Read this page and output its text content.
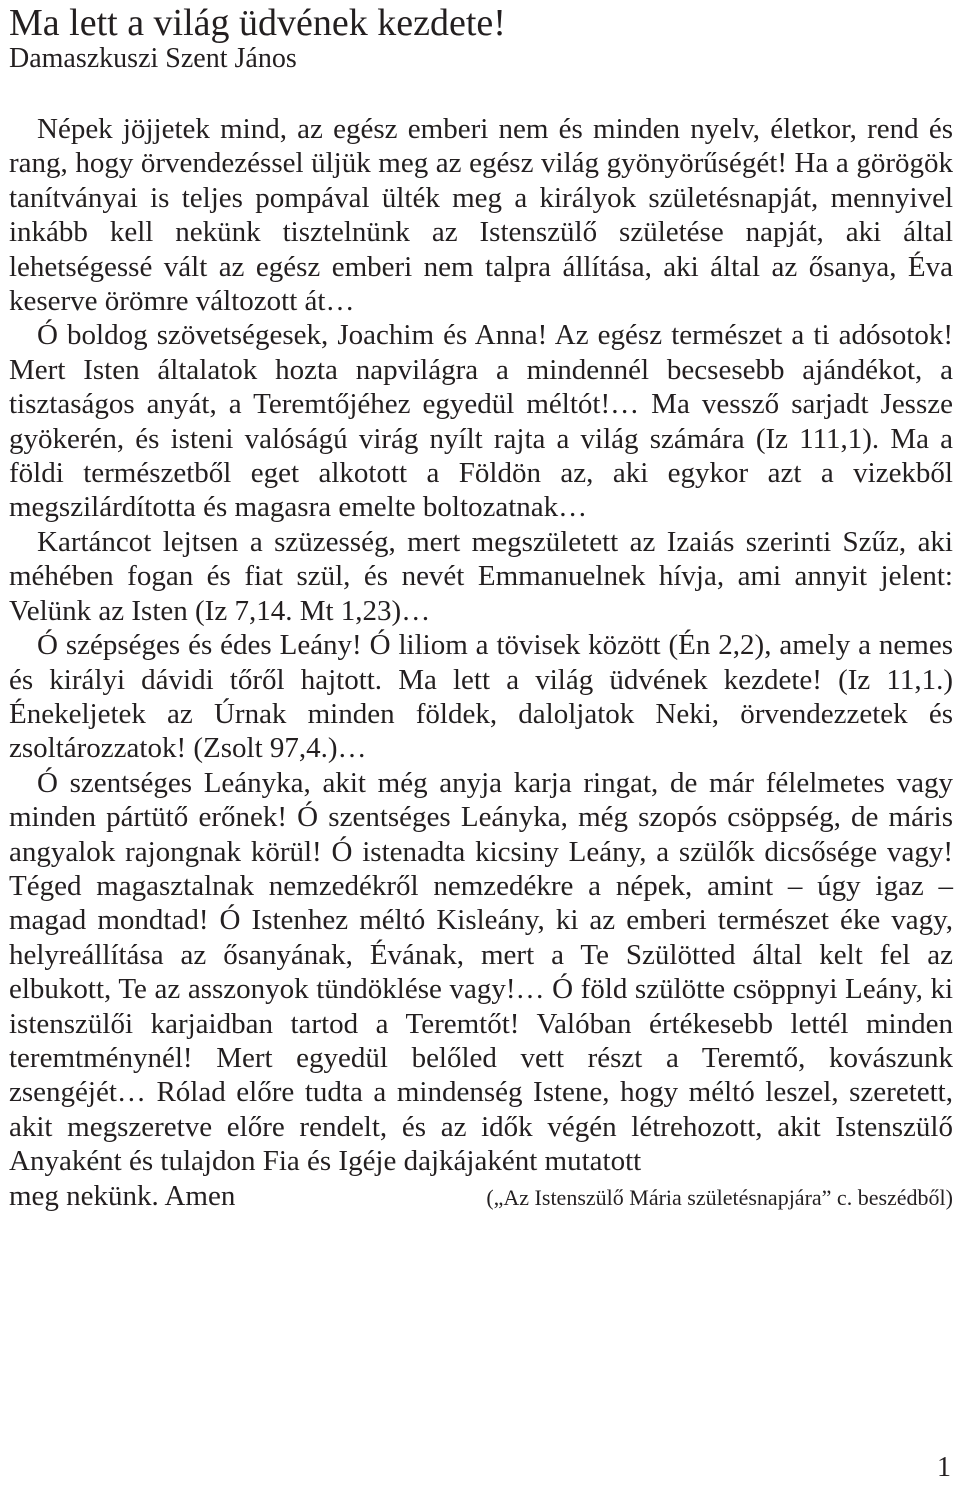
Ma lett a világ üdvének kezdete!
Damaszkuszi Szent János

Népek jöjjetek mind, az egész emberi nem és minden nyelv, életkor, rend és rang, hogy örvendezéssel üljük meg az egész világ gyönyörűségét! Ha a görögök tanítványai is teljes pompával ülték meg a királyok születésnapját, mennyivel inkább kell nekünk tisztelnünk az Istenszülő születése napját, aki által lehetségessé vált az egész emberi nem talpra állítása, aki által az ősanya, Éva keserve örömre változott át…

Ó boldog szövetségesek, Joachim és Anna! Az egész természet a ti adósotok! Mert Isten általatok hozta napvilágra a mindennél becsesebb ajándékot, a tisztaságos anyát, a Teremtőjéhez egyedül méltót!… Ma vessző sarjadt Jessze gyökerén, és isteni valóságú virág nyílt rajta a világ számára (Iz 111,1). Ma a földi természetből eget alkotott a Földön az, aki egykor azt a vizekből megszilárdította és magasra emelte boltozatnak…

Kartáncot lejtsen a szüzesség, mert megszületett az Izaiás szerinti Szűz, aki méhében fogan és fiat szül, és nevét Emmanuelnek hívja, ami annyit jelent: Velünk az Isten (Iz 7,14. Mt 1,23)…

Ó szépséges és édes Leány! Ó liliom a tövisek között (Én 2,2), amely a nemes és királyi dávidi tőről hajtott. Ma lett a világ üdvének kezdete! (Iz 11,1.) Énekeljetek az Úrnak minden földek, daloljatok Neki, örvendezzetek és zsoltározzatok! (Zsolt 97,4.)…

Ó szentséges Leányka, akit még anyja karja ringat, de már félelmetes vagy minden pártütő erőnek! Ó szentséges Leányka, még szopós csöppség, de máris angyalok rajongnak körül! Ó istenadta kicsiny Leány, a szülők dicsősége vagy! Téged magasztalnak nemzedékről nemzedékre a népek, amint – úgy igaz – magad mondtad! Ó Istenhez méltó Kisleány, ki az emberi természet éke vagy, helyreállítása az ősanyának, Évának, mert a Te Szülötted által kelt fel az elbukott, Te az asszonyok tündöklése vagy!… Ó föld szülötte csöppnyi Leány, ki istenszülői karjaidban tartod a Teremtőt! Valóban értékesebb lettél minden teremtménynél! Mert egyedül belőled vett részt a Teremtő, kovászunk zsengéjét… Rólad előre tudta a mindenség Istene, hogy méltó leszel, szeretett, akit megszeretve előre rendelt, és az idők végén létrehozott, akit Istenszülő Anyaként és tulajdon Fia és Igéje dajkájaként mutatott

meg nekünk. Amen	(„Az Istenszülő Mária születésnapjára” c. beszédből)
1
